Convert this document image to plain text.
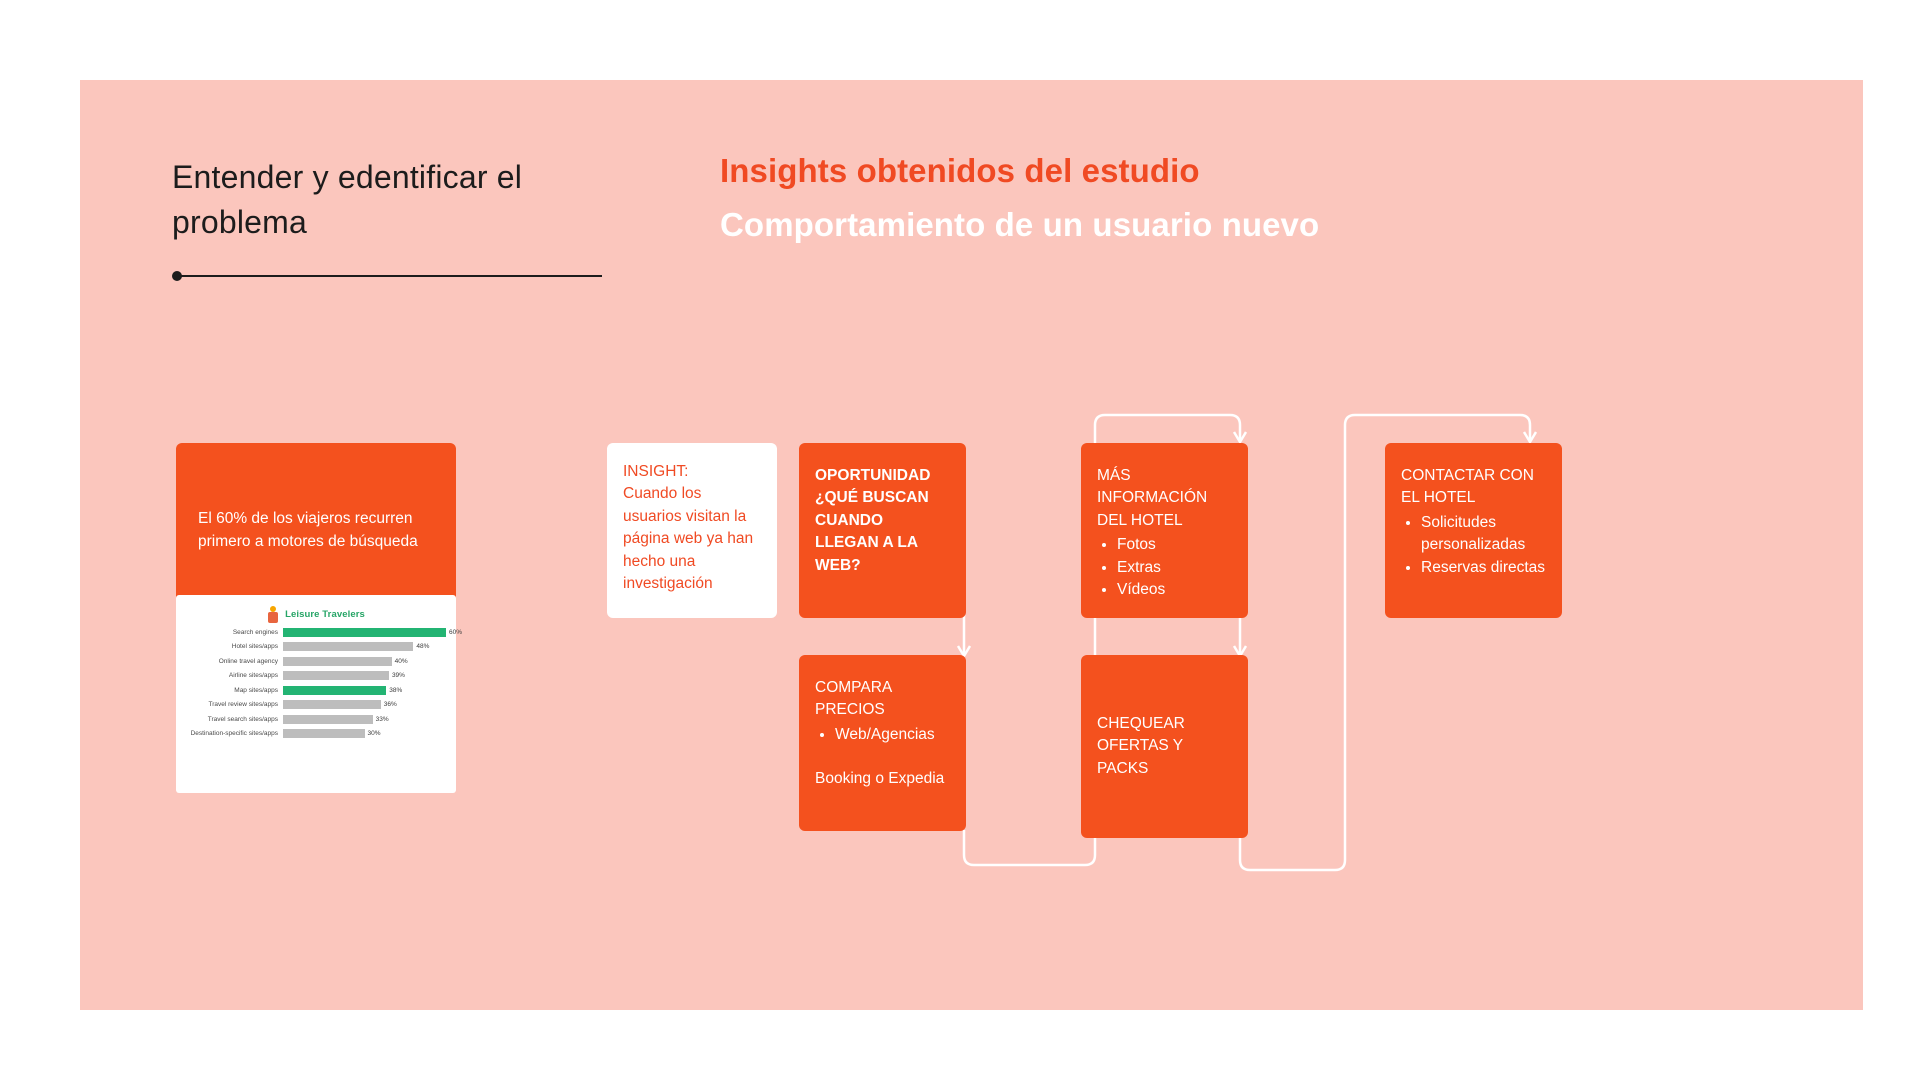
Entender y edentificar el problema
Insights obtenidos del estudio
Comportamiento de un usuario nuevo
El 60% de los viajeros recurren primero a motores de búsqueda
Leisure Travelers
Search engines	60%
Hotel sites/apps	48%
Online travel agency	40%
Airline sites/apps	39%
Map sites/apps	38%
Travel review sites/apps	36%
Travel search sites/apps	33%
Destination-specific sites/apps	30%
INSIGHT:
Cuando los usuarios visitan la página web ya han hecho una investigación
OPORTUNIDAD
¿QUÉ BUSCAN CUANDO LLEGAN A LA WEB?
COMPARA PRECIOS
• Web/Agencias
Booking o Expedia
MÁS INFORMACIÓN DEL HOTEL
• Fotos
• Extras
• Vídeos
CHEQUEAR OFERTAS Y PACKS
CONTACTAR CON EL HOTEL
• Solicitudes personalizadas
• Reservas directas
